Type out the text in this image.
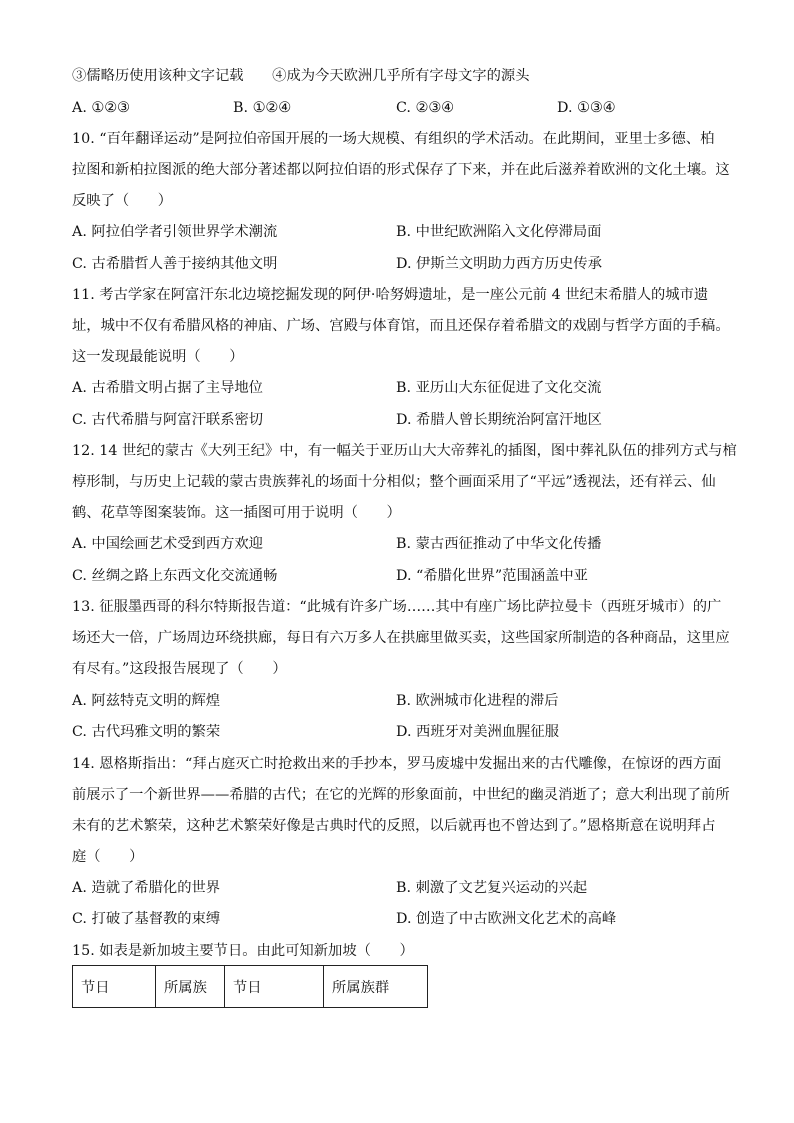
③儒略历使用该种文字记载　　④成为今天欧洲几乎所有字母文字的源头
A. ①②③	B. ①②④	C. ②③④	D. ①③④
10. “百年翻译运动”是阿拉伯帝国开展的一场大规模、有组织的学术活动。在此期间，亚里士多德、柏
拉图和新柏拉图派的绝大部分著述都以阿拉伯语的形式保存了下来，并在此后滋养着欧洲的文化土壤。这
反映了（　　）
A. 阿拉伯学者引领世界学术潮流	B. 中世纪欧洲陷入文化停滞局面
C. 古希腊哲人善于接纳其他文明	D. 伊斯兰文明助力西方历史传承
11. 考古学家在阿富汗东北边境挖掘发现的阿伊·哈努姆遗址，是一座公元前 4 世纪末希腊人的城市遗
址，城中不仅有希腊风格的神庙、广场、宫殿与体育馆，而且还保存着希腊文的戏剧与哲学方面的手稿。
这一发现最能说明（　　）
A. 古希腊文明占据了主导地位	B. 亚历山大东征促进了文化交流
C. 古代希腊与阿富汗联系密切	D. 希腊人曾长期统治阿富汗地区
12. 14 世纪的蒙古《大列王纪》中，有一幅关于亚历山大大帝葬礼的插图，图中葬礼队伍的排列方式与棺
椁形制，与历史上记载的蒙古贵族葬礼的场面十分相似；整个画面采用了“平远”透视法，还有祥云、仙
鹤、花草等图案装饰。这一插图可用于说明（　　）
A. 中国绘画艺术受到西方欢迎	B. 蒙古西征推动了中华文化传播
C. 丝绸之路上东西文化交流通畅	D. “希腊化世界”范围涵盖中亚
13. 征服墨西哥的科尔特斯报告道：“此城有许多广场……其中有座广场比萨拉曼卡（西班牙城市）的广
场还大一倍，广场周边环绕拱廊，每日有六万多人在拱廊里做买卖，这些国家所制造的各种商品，这里应
有尽有。”这段报告展现了（　　）
A. 阿兹特克文明的辉煌	B. 欧洲城市化进程的滞后
C. 古代玛雅文明的繁荣	D. 西班牙对美洲血腥征服
14. 恩格斯指出：“拜占庭灭亡时抢救出来的手抄本，罗马废墟中发掘出来的古代雕像，在惊讶的西方面
前展示了一个新世界——希腊的古代；在它的光辉的形象面前，中世纪的幽灵消逝了；意大利出现了前所
未有的艺术繁荣，这种艺术繁荣好像是古典时代的反照，以后就再也不曾达到了。”恩格斯意在说明拜占
庭（　　）
A. 造就了希腊化的世界	B. 刺激了文艺复兴运动的兴起
C. 打破了基督教的束缚	D. 创造了中古欧洲文化艺术的高峰
15. 如表是新加坡主要节日。由此可知新加坡（　　）
节日	所属族	节日	所属族群
